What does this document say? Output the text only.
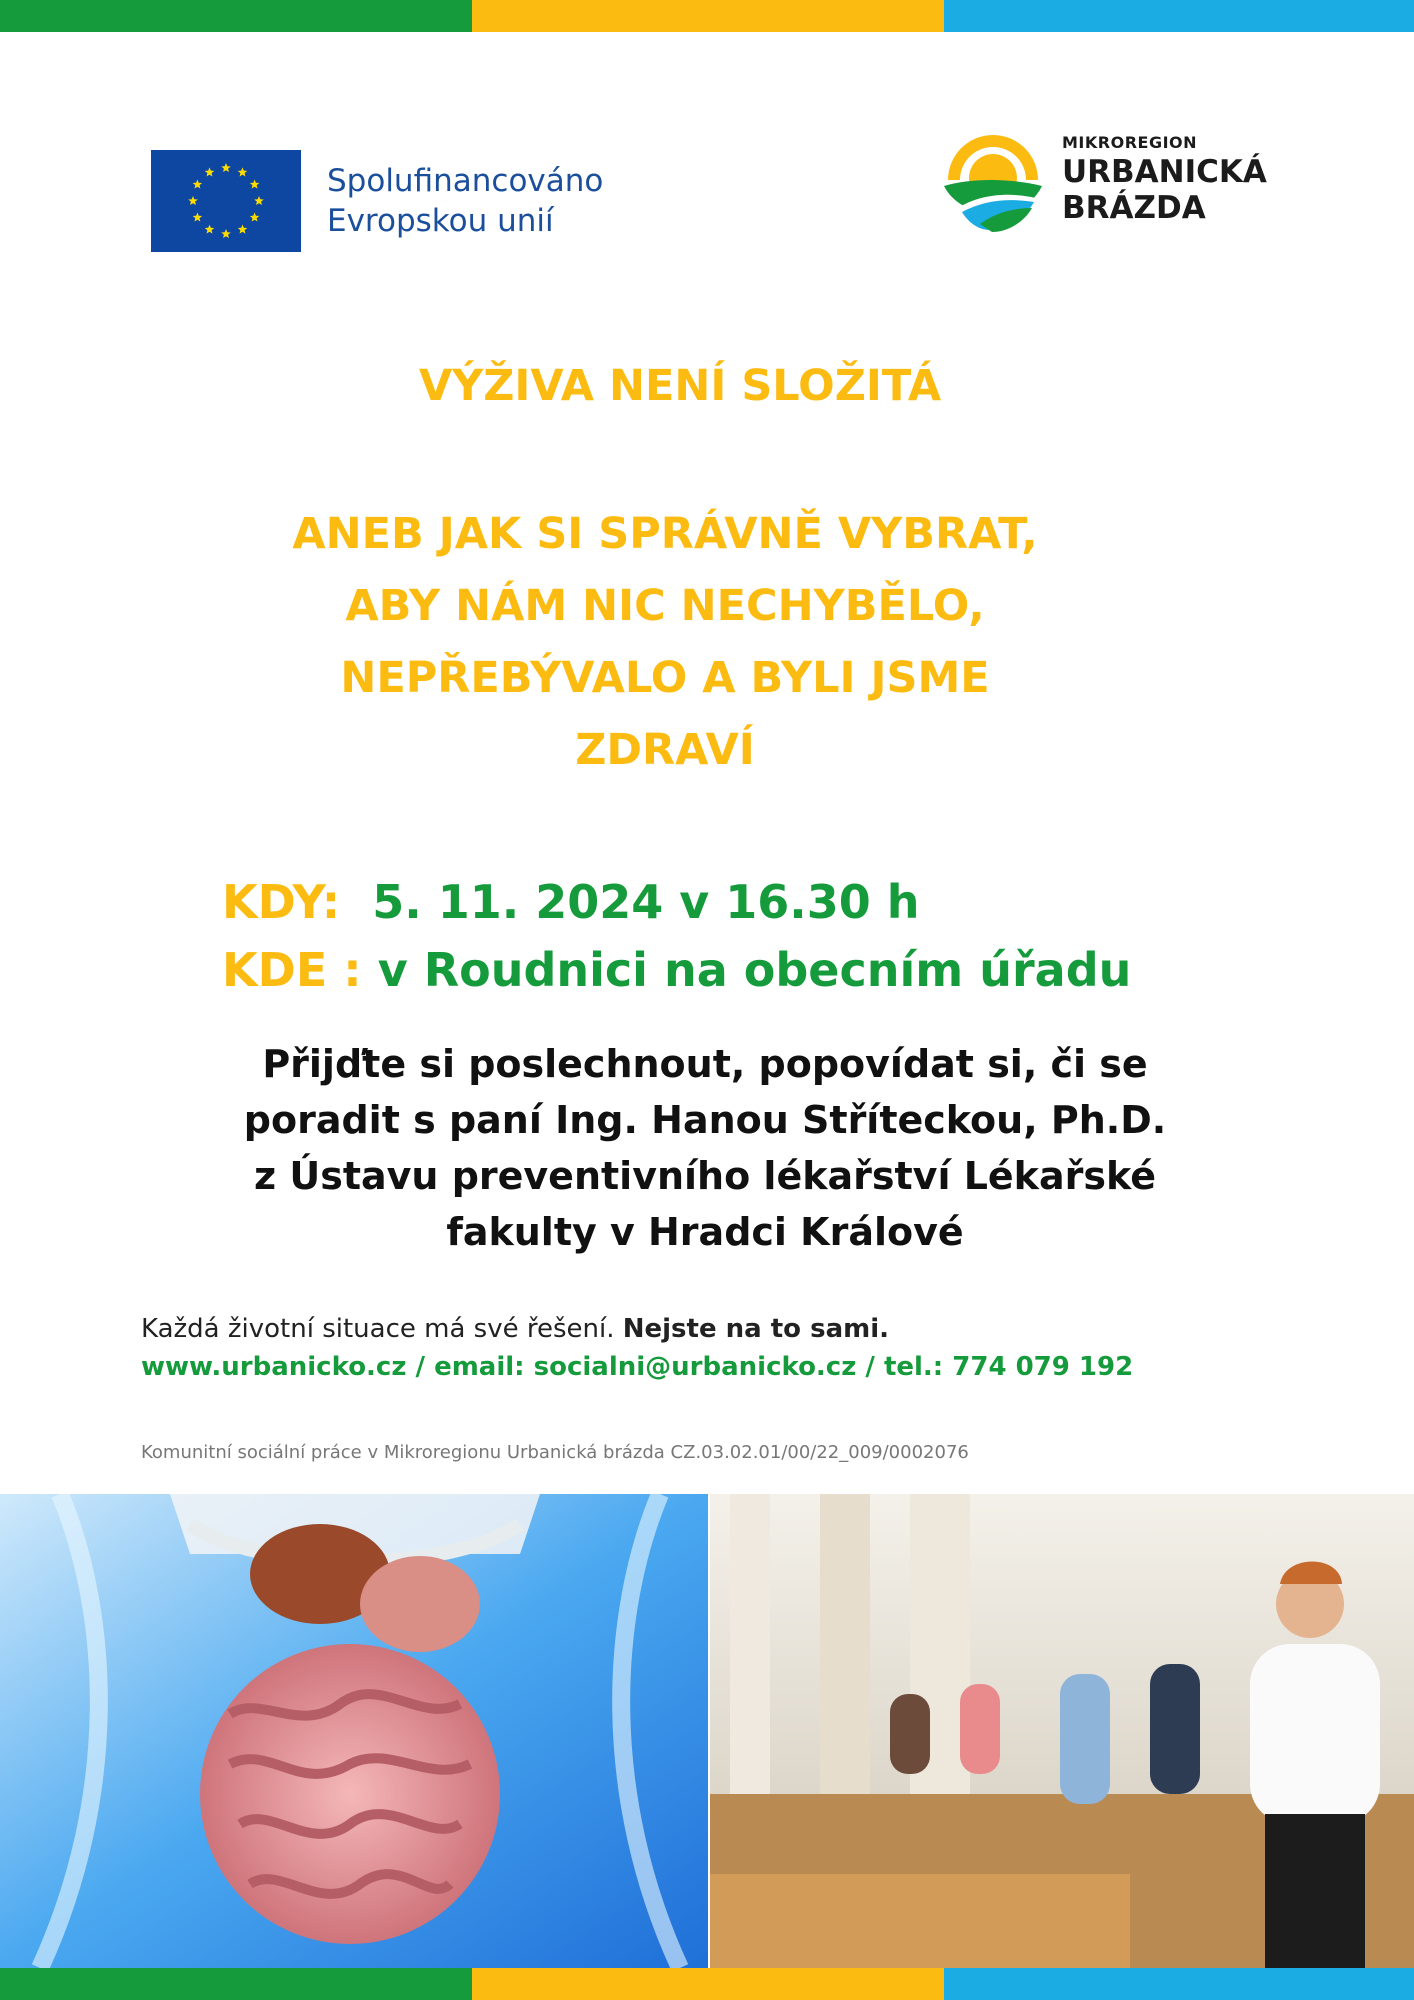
Spolufinancováno
Evropskou unií
MIKROREGION
URBANICKÁ
BRÁZDA
VÝŽIVA NENÍ SLOŽITÁ
ANEB JAK SI SPRÁVNĚ VYBRAT,
ABY NÁM NIC NECHYBĚLO,
NEPŘEBÝVALO A BYLI JSME
ZDRAVÍ
KDY: 5. 11. 2024 v 16.30 h
KDE : v Roudnici na obecním úřadu
Přijďte si poslechnout, popovídat si, či se
poradit s paní Ing. Hanou Stříteckou, Ph.D.
z Ústavu preventivního lékařství Lékařské
fakulty v Hradci Králové
Každá životní situace má své řešení. Nejste na to sami.
www.urbanicko.cz / email: socialni@urbanicko.cz / tel.: 774 079 192
Komunitní sociální práce v Mikroregionu Urbanická brázda CZ.03.02.01/00/22_009/0002076
